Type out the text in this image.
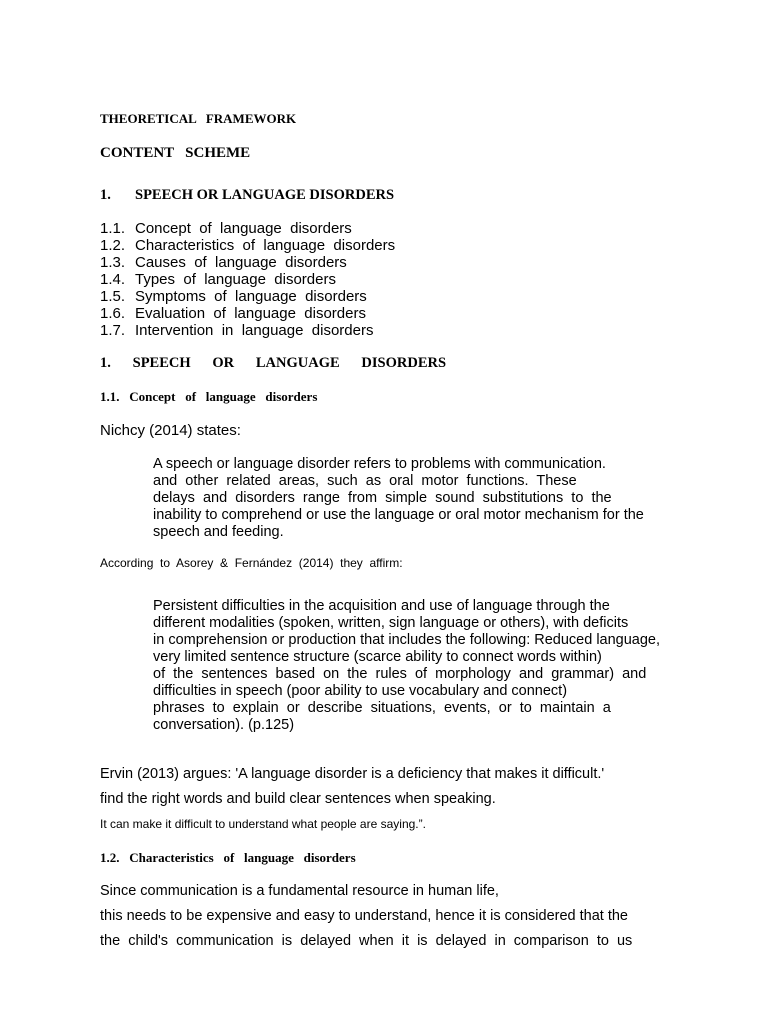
THEORETICAL   FRAMEWORK
CONTENT   SCHEME
1. SPEECH OR LANGUAGE DISORDERS
1.1. Concept  of  language  disorders
1.2. Characteristics  of  language  disorders
1.3. Causes  of  language  disorders
1.4. Types  of  language  disorders
1.5. Symptoms  of  language  disorders
1.6. Evaluation  of  language  disorders
1.7. Intervention  in  language  disorders
1.      SPEECH      OR      LANGUAGE      DISORDERS
1.1.   Concept   of   language   disorders
Nichcy (2014) states:
A speech or language disorder refers to problems with communication.
and  other  related  areas,  such  as  oral  motor  functions.  These
delays  and  disorders  range  from  simple  sound  substitutions  to  the
inability to comprehend or use the language or oral motor mechanism for the
speech and feeding.
According  to  Asorey  &  Fernández  (2014)  they  affirm:
Persistent difficulties in the acquisition and use of language through the
different modalities (spoken, written, sign language or others), with deficits
in comprehension or production that includes the following: Reduced language,
very limited sentence structure (scarce ability to connect words within)
of  the  sentences  based  on  the  rules  of  morphology  and  grammar)  and
difficulties in speech (poor ability to use vocabulary and connect)
phrases  to  explain  or  describe  situations,  events,  or  to  maintain  a
conversation). (p.125)
Ervin (2013) argues: 'A language disorder is a deficiency that makes it difficult.'
find the right words and build clear sentences when speaking.
It can make it difficult to understand what people are saying.”.
1.2.   Characteristics   of   language   disorders
Since communication is a fundamental resource in human life,
this needs to be expensive and easy to understand, hence it is considered that the
the  child's  communication  is  delayed  when  it  is  delayed  in  comparison  to  us
